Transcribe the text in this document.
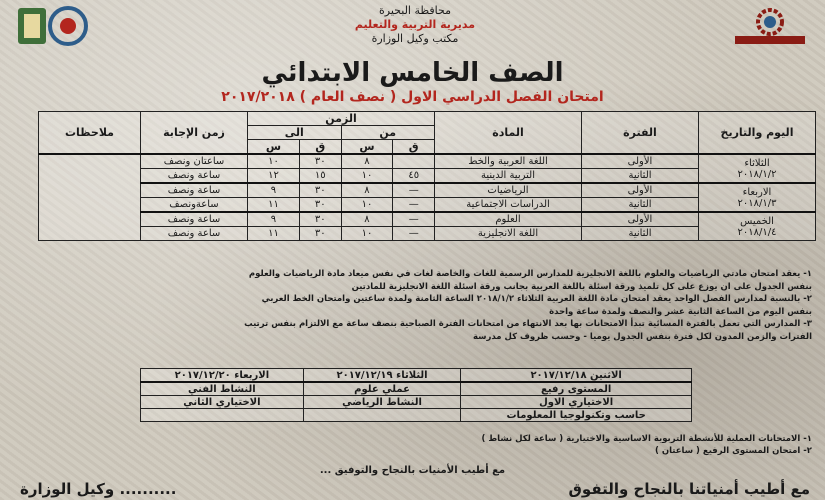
محافظة البحيرة
مديرية التربية والتعليم
مكتب وكيل الوزارة
الصف الخامس الابتدائي
امتحان الفصل الدراسي الاول ( نصف العام ) ٢٠١٧/٢٠١٨
اليوم والتاريخ	الفترة	المادة	الزمن				زمن الإجابة	ملاحظات
			من		الى			
			ق	س	ق	س		

الثلاثاء
٢٠١٨/١/٢	الأولى	اللغة العربية والخط		٨	٣٠	١٠	ساعتان ونصف	
	الثانية	التربية الدينية	٤٥	١٠	١٥	١٢	ساعة ونصف	

الاربعاء
٢٠١٨/١/٣	الأولى	الرياضيات	—	٨	٣٠	٩	ساعة ونصف	
	الثانية	الدراسات الاجتماعية	—	١٠	٣٠	١١	ساعةونصف	

الخميس
٢٠١٨/١/٤	الأولى	العلوم	—	٨	٣٠	٩	ساعة ونصف	
	الثانية	اللغة الانجليزية	—	١٠	٣٠	١١	ساعة ونصف	

١- يعقد امتحان مادتي الرياضيات والعلوم باللغة الانجليزية للمدارس الرسمية للغات والخاصة لغات في نفس ميعاد مادة الرياضيات والعلوم

بنفس الجدول على ان يوزع على كل تلميذ ورقة اسئلة باللغة العربية بجانب ورقة اسئلة اللغة الانجليزية للمادتين

٢- بالنسبة لمدارس الفصل الواحد يعقد امتحان مادة اللغة العربية الثلاثاء ٢٠١٨/١/٢ الساعة الثامنة ولمدة ساعتين وامتحان الخط العربي

بنفس اليوم من الساعة الثانية عشر والنصف ولمدة ساعة واحدة

٣- المدارس التي تعمل بالفترة المسائية تبدأ الامتحانات بها بعد الانتهاء من امتحانات الفترة الصباحية بنصف ساعة مع الالتزام بنفس ترتيب

الفترات والزمن المدون لكل فترة بنفس الجدول يوميا - وحسب ظروف كل مدرسة

الاثنين ٢٠١٧/١٢/١٨	الثلاثاء ٢٠١٧/١٢/١٩	الاربعاء ٢٠١٧/١٢/٢٠
المستوى رفيع	عملي علوم	النشاط الفني
الاختياري الاول	النشاط الرياضي	الاختياري الثاني
حاسب وتكنولوجيا المعلومات		

١- الامتحانات العملية للأنشطة التربوية الاساسية والاختيارية ( ساعة لكل نشاط )

٢- امتحان المستوى الرفيع ( ساعتان )

مع أطيب الأمنيات بالنجاح والتوفيق ...
مع أطيب أمنياتنا بالنجاح والتفوق
.......... وكيل الوزارة
